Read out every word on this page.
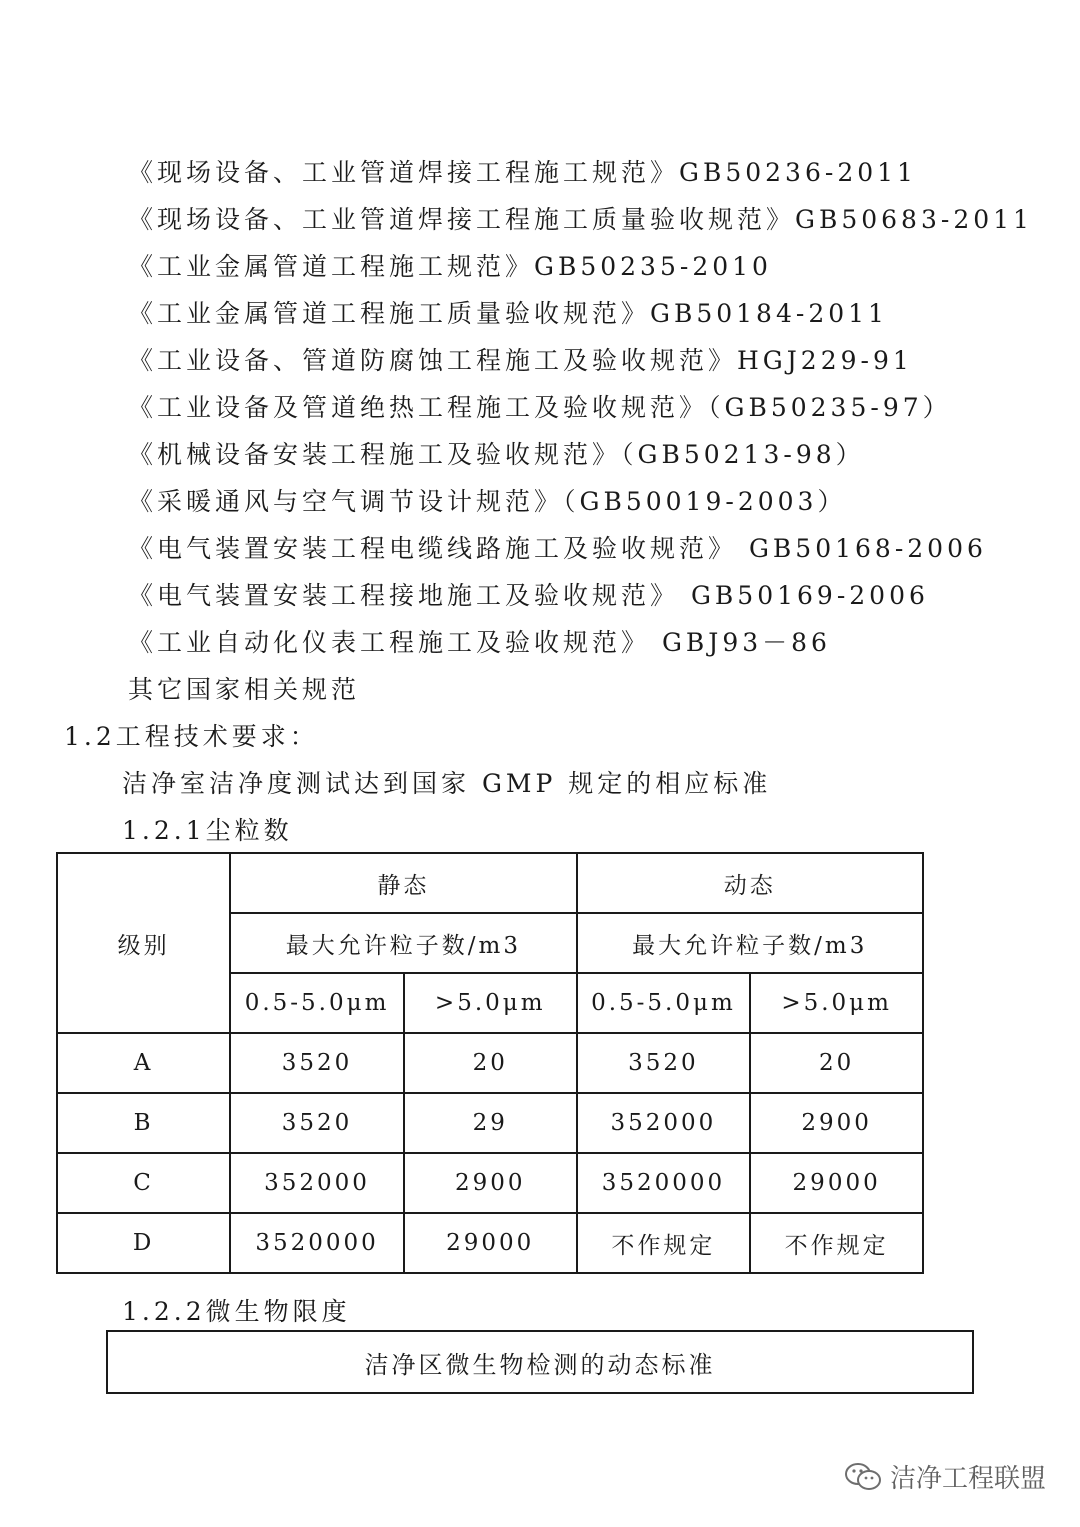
《现场设备、工业管道焊接工程施工规范》GB50236-2011
《现场设备、工业管道焊接工程施工质量验收规范》GB50683-2011
《工业金属管道工程施工规范》GB50235-2010
《工业金属管道工程施工质量验收规范》GB50184-2011
《工业设备、管道防腐蚀工程施工及验收规范》HGJ229-91
《工业设备及管道绝热工程施工及验收规范》（GB50235-97）
《机械设备安装工程施工及验收规范》（GB50213-98）
《采暖通风与空气调节设计规范》（GB50019-2003）
《电气装置安装工程电缆线路施工及验收规范》 GB50168-2006
《电气装置安装工程接地施工及验收规范》 GB50169-2006
《工业自动化仪表工程施工及验收规范》 GBJ93－86
其它国家相关规范
1.2工程技术要求：
洁净室洁净度测试达到国家 GMP 规定的相应标准
1.2.1尘粒数
级别	静态		动态	
	最大允许粒子数/m3		最大允许粒子数/m3	
	0.5-5.0μm	>5.0μm	0.5-5.0μm	>5.0μm
A	3520	20	3520	20
B	3520	29	352000	2900
C	352000	2900	3520000	29000
D	3520000	29000	不作规定	不作规定
1.2.2微生物限度
洁净区微生物检测的动态标准
洁净工程联盟
